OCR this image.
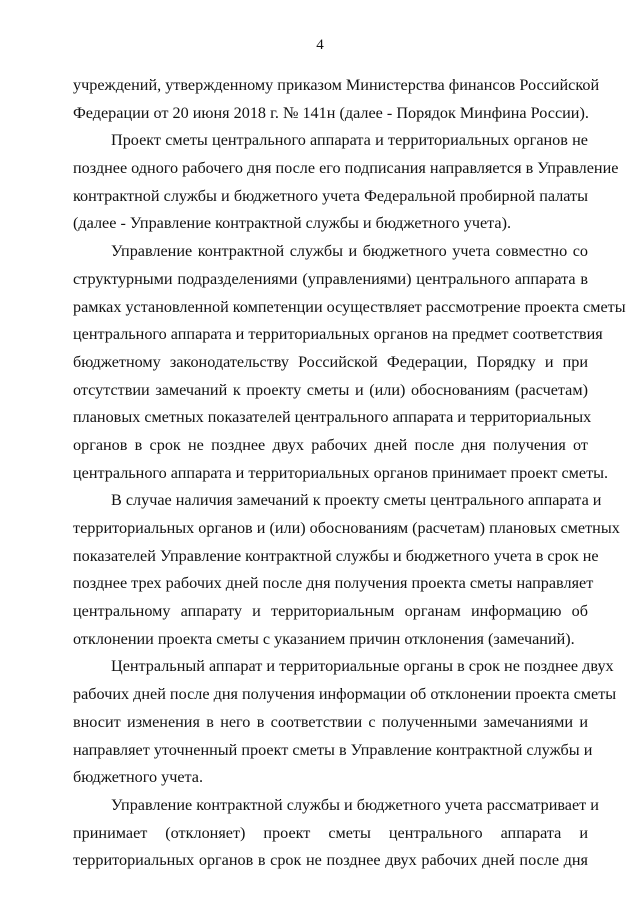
4
учреждений, утвержденному приказом Министерства финансов Российской
Федерации от 20 июня 2018 г. № 141н (далее - Порядок Минфина России).
Проект сметы центрального аппарата и территориальных органов не
позднее одного рабочего дня после его подписания направляется в Управление
контрактной службы и бюджетного учета Федеральной пробирной палаты
(далее - Управление контрактной службы и бюджетного учета).
Управление контрактной службы и бюджетного учета совместно со
структурными подразделениями (управлениями) центрального аппарата в
рамках установленной компетенции осуществляет рассмотрение проекта сметы
центрального аппарата и территориальных органов на предмет соответствия
бюджетному законодательству Российской Федерации, Порядку и при
отсутствии замечаний к проекту сметы и (или) обоснованиям (расчетам)
плановых сметных показателей центрального аппарата и территориальных
органов в срок не позднее двух рабочих дней после дня получения от
центрального аппарата и территориальных органов принимает проект сметы.
В случае наличия замечаний к проекту сметы центрального аппарата и
территориальных органов и (или) обоснованиям (расчетам) плановых сметных
показателей Управление контрактной службы и бюджетного учета в срок не
позднее трех рабочих дней после дня получения проекта сметы направляет
центральному аппарату и территориальным органам информацию об
отклонении проекта сметы с указанием причин отклонения (замечаний).
Центральный аппарат и территориальные органы в срок не позднее двух
рабочих дней после дня получения информации об отклонении проекта сметы
вносит изменения в него в соответствии с полученными замечаниями и
направляет уточненный проект сметы в Управление контрактной службы и
бюджетного учета.
Управление контрактной службы и бюджетного учета рассматривает и
принимает (отклоняет) проект сметы центрального аппарата и
территориальных органов в срок не позднее двух рабочих дней после дня
